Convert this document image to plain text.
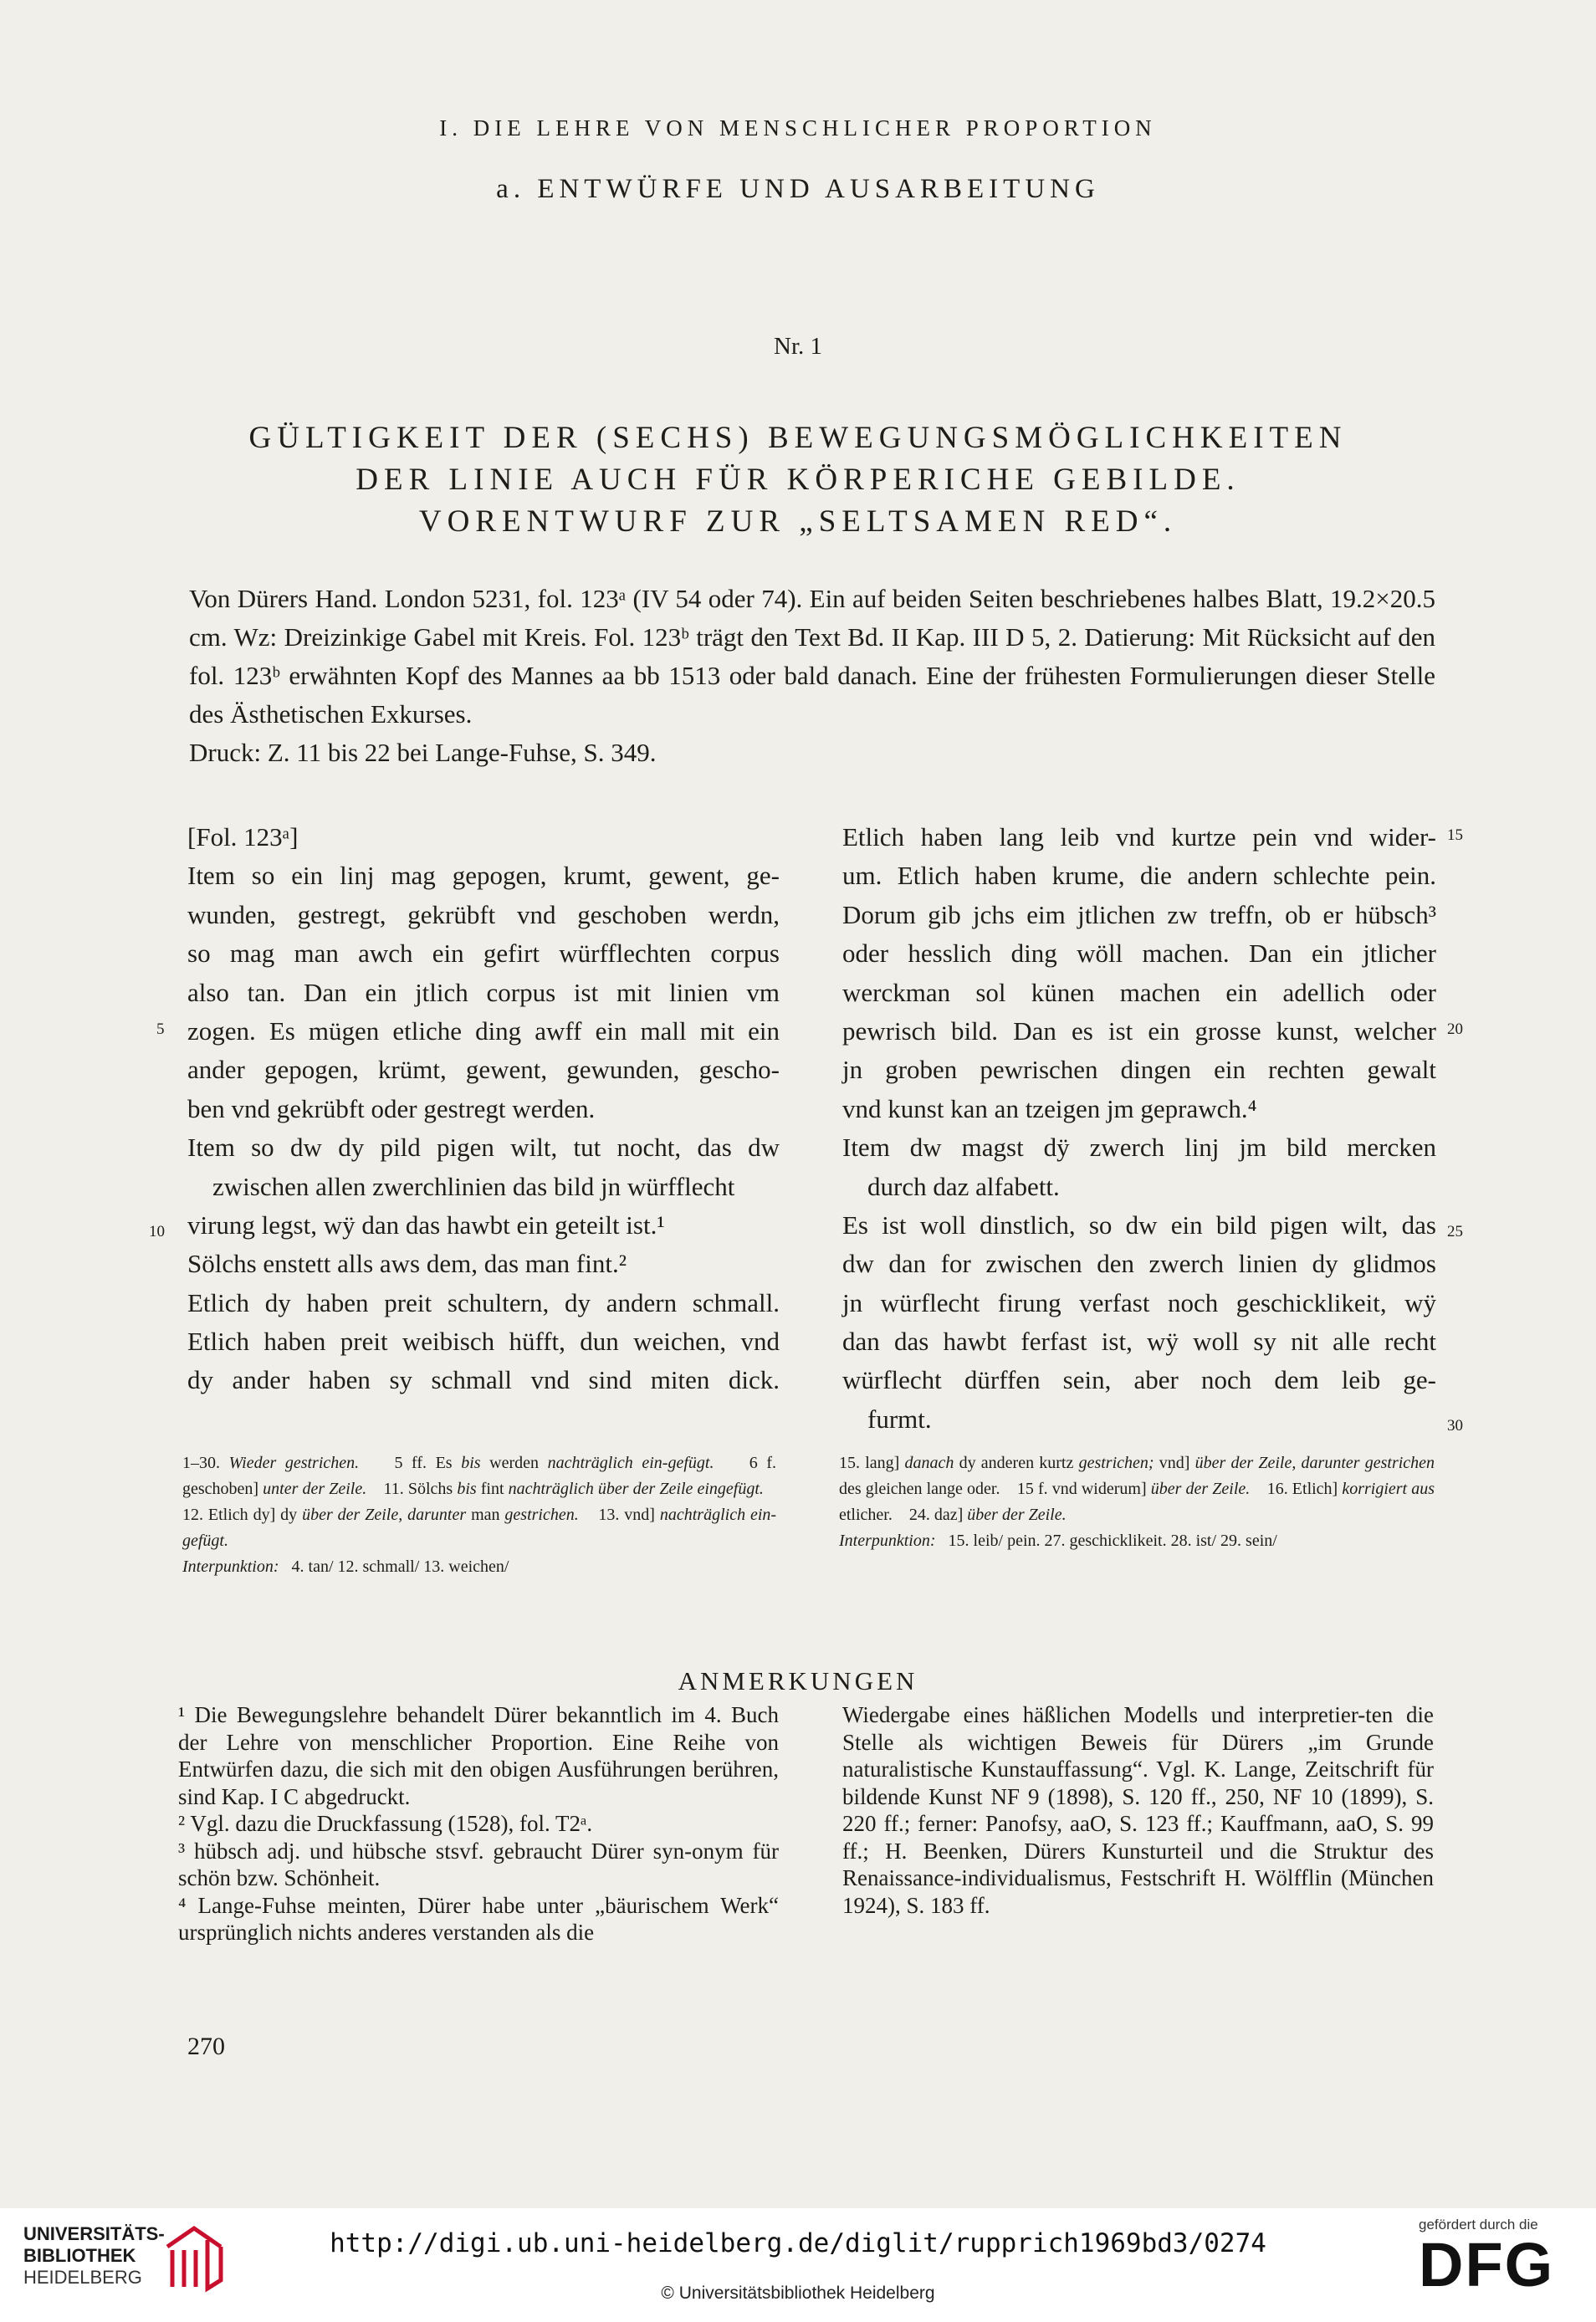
I. DIE LEHRE VON MENSCHLICHER PROPORTION
a. ENTWÜRFE UND AUSARBEITUNG
Nr. 1
GÜLTIGKEIT DER (SECHS) BEWEGUNGSMÖGLICHKEITEN
DER LINIE AUCH FÜR KÖRPERICHE GEBILDE.
VORENTWURF ZUR „SELTSAMEN RED“.

Von Dürers Hand. London 5231, fol. 123ᵃ (IV 54 oder 74). Ein auf beiden Seiten beschriebenes halbes Blatt, 19.2×20.5 cm. Wz: Dreizinkige Gabel mit Kreis. Fol. 123ᵇ trägt den Text Bd. II Kap. III D 5, 2. Datierung: Mit Rücksicht auf den fol. 123ᵇ erwähnten Kopf des Mannes aa bb 1513 oder bald danach. Eine der frühesten Formulierungen dieser Stelle des Ästhetischen Exkurses.

Druck: Z. 11 bis 22 bei Lange-Fuhse, S. 349.

[Fol. 123ᵃ]
Item so ein linj mag gepogen, krumt, gewent, ge-
wunden, gestregt, gekrübft vnd geschoben werdn,
so mag man awch ein gefirt würfflechten corpus
also tan. Dan ein jtlich corpus ist mit linien vm
zogen. Es mügen etliche ding awff ein mall mit ein
ander gepogen, krümt, gewent, gewunden, gescho-
ben vnd gekrübft oder gestregt werden.
Item so dw dy pild pigen wilt, tut nocht, das dw
zwischen allen zwerchlinien das bild jn würfflecht
virung legst, wÿ dan das hawbt ein geteilt ist.¹
Sölchs enstett alls aws dem, das man fint.²
Etlich dy haben preit schultern, dy andern schmall.
Etlich haben preit weibisch hüfft, dun weichen, vnd
dy ander haben sy schmall vnd sind miten dick.
Etlich haben lang leib vnd kurtze pein vnd wider-
um. Etlich haben krume, die andern schlechte pein.
Dorum gib jchs eim jtlichen zw treffn, ob er hübsch³
oder hesslich ding wöll machen. Dan ein jtlicher
werckman sol künen machen ein adellich oder
pewrisch bild. Dan es ist ein grosse kunst, welcher
jn groben pewrischen dingen ein rechten gewalt
vnd kunst kan an tzeigen jm geprawch.⁴
Item dw magst dÿ zwerch linj jm bild mercken
durch daz alfabett.
Es ist woll dinstlich, so dw ein bild pigen wilt, das
dw dan for zwischen den zwerch linien dy glidmos
jn würflecht firung verfast noch geschicklikeit, wÿ
dan das hawbt ferfast ist, wÿ woll sy nit alle recht
würflecht dürffen sein, aber noch dem leib ge-
furmt.
5
10
15
20
25
30

1–30. Wieder gestrichen. 5 ff. Es bis werden nachträglich ein-gefügt. 6 f. geschoben] unter der Zeile. 11. Sölchs bis fint nachträglich über der Zeile eingefügt.    12. Etlich dy] dy über der Zeile, darunter man gestrichen. 13. vnd] nachträglich ein-gefügt.

Interpunktion: 4. tan/ 12. schmall/ 13. weichen/

15. lang] danach dy anderen kurtz gestrichen; vnd] über der Zeile, darunter gestrichen des gleichen lange oder. 15 f. vnd widerum] über der Zeile. 16. Etlich] korrigiert aus etlicher. 24. daz] über der Zeile.

Interpunktion: 15. leib/ pein. 27. geschicklikeit. 28. ist/ 29. sein/

ANMERKUNGEN

¹ Die Bewegungslehre behandelt Dürer bekanntlich im 4. Buch der Lehre von menschlicher Proportion. Eine Reihe von Entwürfen dazu, die sich mit den obigen Ausführungen berühren, sind Kap. I C abgedruckt.

² Vgl. dazu die Druckfassung (1528), fol. T2ᵃ.

³ hübsch adj. und hübsche stsvf. gebraucht Dürer syn-onym für schön bzw. Schönheit.

⁴ Lange-Fuhse meinten, Dürer habe unter „bäurischem Werk“ ursprünglich nichts anderes verstanden als die

Wiedergabe eines häßlichen Modells und interpretier-ten die Stelle als wichtigen Beweis für Dürers „im Grunde naturalistische Kunstauffassung“. Vgl. K. Lange, Zeitschrift für bildende Kunst NF 9 (1898), S. 120 ff., 250, NF 10 (1899), S. 220 ff.; ferner: Panofsy, aaO, S. 123 ff.; Kauffmann, aaO, S. 99 ff.; H. Beenken, Dürers Kunsturteil und die Struktur des Renaissance-individualismus, Festschrift H. Wölfflin (München 1924), S. 183 ff.

270
UNIVERSITÄTS-
BIBLIOTHEK
HEIDELBERG
http://digi.ub.uni-heidelberg.de/diglit/rupprich1969bd3/0274
© Universitätsbibliothek Heidelberg
gefördert durch die
DFG
